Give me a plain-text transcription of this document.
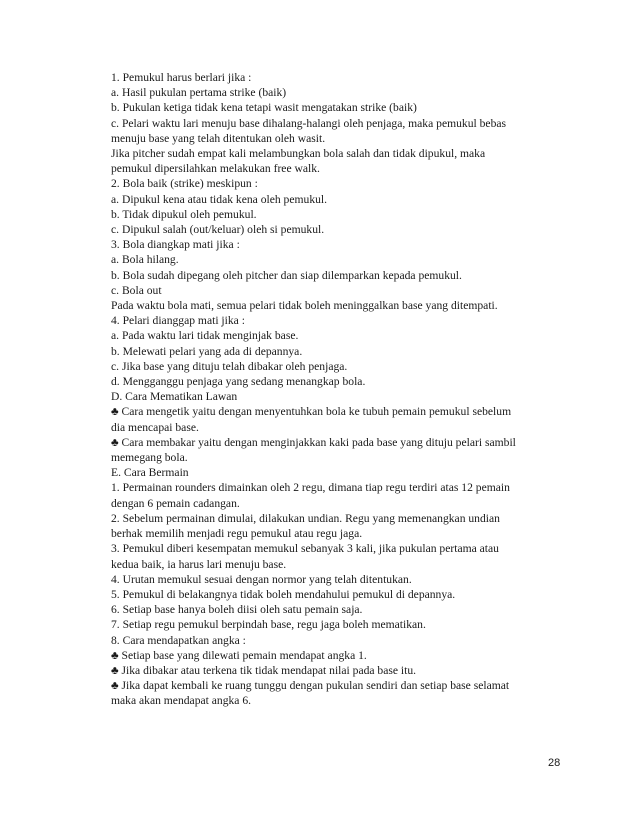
1. Pemukul harus berlari jika :
a. Hasil pukulan pertama strike (baik)
b. Pukulan ketiga tidak kena tetapi wasit mengatakan strike (baik)
c. Pelari waktu lari menuju base dihalang-halangi oleh penjaga, maka pemukul bebas
menuju base yang telah ditentukan oleh wasit.
Jika pitcher sudah empat kali melambungkan bola salah dan tidak dipukul, maka
pemukul dipersilahkan melakukan free walk.
2. Bola baik (strike) meskipun :
a. Dipukul kena atau tidak kena oleh pemukul.
b. Tidak dipukul oleh pemukul.
c. Dipukul salah (out/keluar) oleh si pemukul.
3. Bola diangkap mati jika :
a. Bola hilang.
b. Bola sudah dipegang oleh pitcher dan siap dilemparkan kepada pemukul.
c. Bola out
Pada waktu bola mati, semua pelari tidak boleh meninggalkan base yang ditempati.
4. Pelari dianggap mati jika :
a. Pada waktu lari tidak menginjak base.
b. Melewati pelari yang ada di depannya.
c. Jika base yang dituju telah dibakar oleh penjaga.
d. Mengganggu penjaga yang sedang menangkap bola.
D. Cara Mematikan Lawan
♣ Cara mengetik yaitu dengan menyentuhkan bola ke tubuh pemain pemukul sebelum
dia mencapai base.
♣ Cara membakar yaitu dengan menginjakkan kaki pada base yang dituju pelari sambil
memegang bola.
E. Cara Bermain
1. Permainan rounders dimainkan oleh 2 regu, dimana tiap regu terdiri atas 12 pemain
dengan 6 pemain cadangan.
2. Sebelum permainan dimulai, dilakukan undian. Regu yang memenangkan undian
berhak memilih menjadi regu pemukul atau regu jaga.
3. Pemukul diberi kesempatan memukul sebanyak 3 kali, jika pukulan pertama atau
kedua baik, ia harus lari menuju base.
4. Urutan memukul sesuai dengan normor yang telah ditentukan.
5. Pemukul di belakangnya tidak boleh mendahului pemukul di depannya.
6. Setiap base hanya boleh diisi oleh satu pemain saja.
7. Setiap regu pemukul berpindah base, regu jaga boleh mematikan.
8. Cara mendapatkan angka :
♣ Setiap base yang dilewati pemain mendapat angka 1.
♣ Jika dibakar atau terkena tik tidak mendapat nilai pada base itu.
♣ Jika dapat kembali ke ruang tunggu dengan pukulan sendiri dan setiap base selamat
maka akan mendapat angka 6.
28
